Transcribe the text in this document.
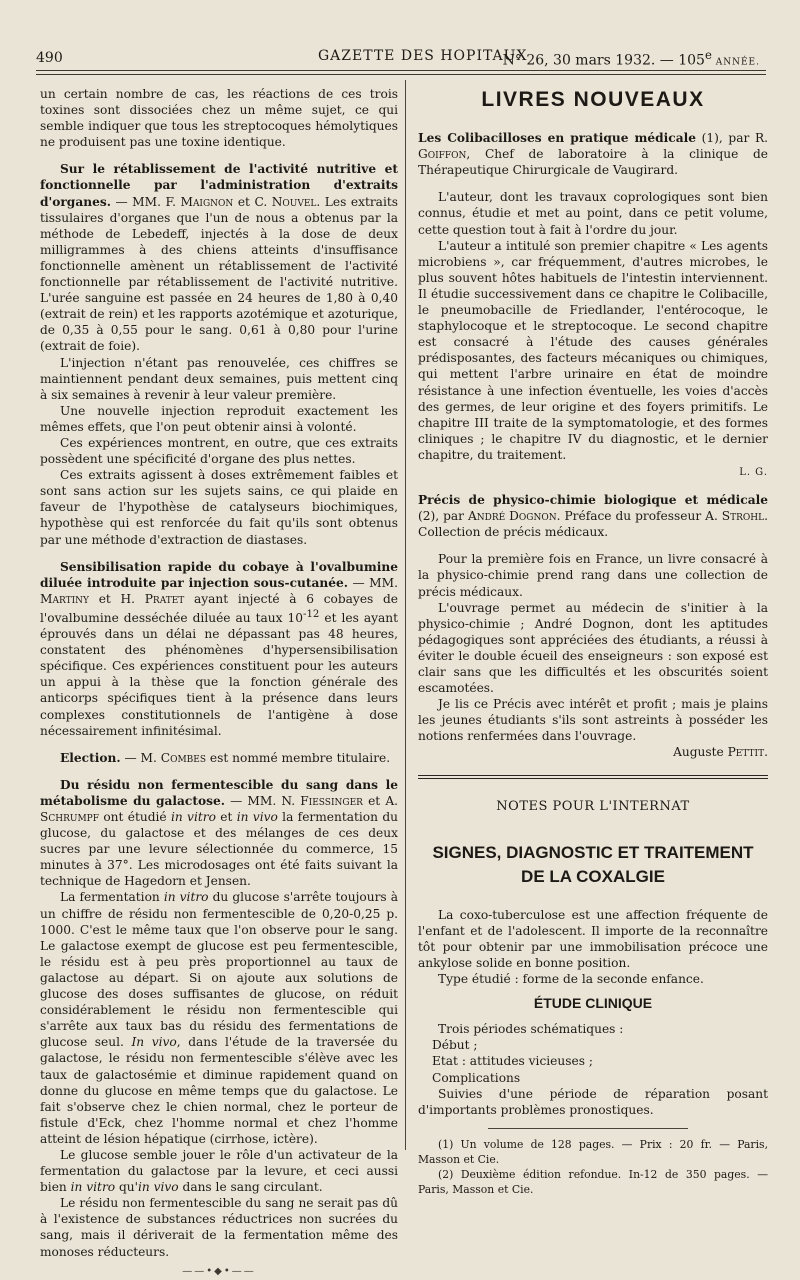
490	GAZETTE DES HOPITAUX
N° 26, 30 mars 1932. — 105e ANNÉE.

un certain nombre de cas, les réactions de ces trois toxines sont dissociées chez un même sujet, ce qui semble indiquer que tous les streptocoques hémolytiques ne produisent pas une toxine identique.

Sur le rétablissement de l'activité nutritive et fonctionnelle par l'administration d'extraits d'organes. — MM. F. Maignon et C. Nouvel. Les extraits tissulaires d'organes que l'un de nous a obtenus par la méthode de Lebedeff, injectés à la dose de deux milligrammes à des chiens atteints d'insuffisance fonctionnelle amènent un rétablissement de l'activité fonctionnelle par rétablissement de l'activité nutritive. L'urée sanguine est passée en 24 heures de 1,80 à 0,40 (extrait de rein) et les rapports azotémique et azoturique, de 0,35 à 0,55 pour le sang. 0,61 à 0,80 pour l'urine (extrait de foie).

L'injection n'étant pas renouvelée, ces chiffres se maintiennent pendant deux semaines, puis mettent cinq à six semaines à revenir à leur valeur première.

Une nouvelle injection reproduit exactement les mêmes effets, que l'on peut obtenir ainsi à volonté.

Ces expériences montrent, en outre, que ces extraits possèdent une spécificité d'organe des plus nettes.

Ces extraits agissent à doses extrêmement faibles et sont sans action sur les sujets sains, ce qui plaide en faveur de l'hypothèse de catalyseurs biochimiques, hypothèse qui est renforcée du fait qu'ils sont obtenus par une méthode d'extraction de diastases.

Sensibilisation rapide du cobaye à l'ovalbumine diluée introduite par injection sous-cutanée. — MM. Martiny et H. Pratet ayant injecté à 6 cobayes de l'ovalbumine desséchée diluée au taux $10^{-12}$ et les ayant éprouvés dans un délai ne dépassant pas 48 heures, constatent des phénomènes d'hypersensibilisation spécifique. Ces expériences constituent pour les auteurs un appui à la thèse que la fonction générale des anticorps spécifiques tient à la présence dans leurs complexes constitutionnels de l'antigène à dose nécessairement infinitésimal.

Election. — M. Combes est nommé membre titulaire.

Du résidu non fermentescible du sang dans le métabolisme du galactose. — MM. N. Fiessinger et A. Schrumpf ont étudié in vitro et in vivo la fermentation du glucose, du galactose et des mélanges de ces deux sucres par une levure sélectionnée du commerce, 15 minutes à 37°. Les microdosages ont été faits suivant la technique de Hagedorn et Jensen.

La fermentation in vitro du glucose s'arrête toujours à un chiffre de résidu non fermentescible de 0,20-0,25 p. 1000. C'est le même taux que l'on observe pour le sang. Le galactose exempt de glucose est peu fermentescible, le résidu est à peu près proportionnel au taux de galactose au départ. Si on ajoute aux solutions de glucose des doses suffisantes de glucose, on réduit considérablement le résidu non fermentescible qui s'arrête aux taux bas du résidu des fermentations de glucose seul. In vivo, dans l'étude de la traversée du galactose, le résidu non fermentescible s'élève avec les taux de galactosémie et diminue rapidement quand on donne du glucose en même temps que du galactose. Le fait s'observe chez le chien normal, chez le porteur de fistule d'Eck, chez l'homme normal et chez l'homme atteint de lésion hépatique (cirrhose, ictère).

Le glucose semble jouer le rôle d'un activateur de la fermentation du galactose par la levure, et ceci aussi bien in vitro qu'in vivo dans le sang circulant.

Le résidu non fermentescible du sang ne serait pas dû à l'existence de substances réductrices non sucrées du sang, mais il dériverait de la fermentation même des monoses réducteurs.

——•◆•——

LIVRES NOUVEAUX

Les Colibacilloses en pratique médicale (1), par R. Goiffon, Chef de laboratoire à la clinique de Thérapeutique Chirurgicale de Vaugirard.

L'auteur, dont les travaux coprologiques sont bien connus, étudie et met au point, dans ce petit volume, cette question tout à fait à l'ordre du jour.

L'auteur a intitulé son premier chapitre « Les agents microbiens », car fréquemment, d'autres microbes, le plus souvent hôtes habituels de l'intestin interviennent. Il étudie successivement dans ce chapitre le Colibacille, le pneumobacille de Friedlander, l'entérocoque, le staphylocoque et le streptocoque. Le second chapitre est consacré à l'étude des causes générales prédisposantes, des facteurs mécaniques ou chimiques, qui mettent l'arbre urinaire en état de moindre résistance à une infection éventuelle, les voies d'accès des germes, de leur origine et des foyers primitifs. Le chapitre III traite de la symptomatologie, et des formes cliniques ; le chapitre IV du diagnostic, et le dernier chapitre, du traitement.

L. G.

Précis de physico-chimie biologique et médicale (2), par André Dognon. Préface du professeur A. Strohl. Collection de précis médicaux.

Pour la première fois en France, un livre consacré à la physico-chimie prend rang dans une collection de précis médicaux.

L'ouvrage permet au médecin de s'initier à la physico-chimie ; André Dognon, dont les aptitudes pédagogiques sont appréciées des étudiants, a réussi à éviter le double écueil des enseigneurs : son exposé est clair sans que les difficultés et les obscurités soient escamotées.

Je lis ce Précis avec intérêt et profit ; mais je plains les jeunes étudiants s'ils sont astreints à posséder les notions renfermées dans l'ouvrage.

Auguste Pettit.

NOTES POUR L'INTERNAT

SIGNES, DIAGNOSTIC ET TRAITEMENT
DE LA COXALGIE

La coxo-tuberculose est une affection fréquente de l'enfant et de l'adolescent. Il importe de la reconnaître tôt pour obtenir par une immobilisation précoce une ankylose solide en bonne position.

Type étudié : forme de la seconde enfance.

ÉTUDE CLINIQUE

Trois périodes schématiques :

Début ;

Etat : attitudes vicieuses ;

Complications

Suivies d'une période de réparation posant d'importants problèmes pronostiques.

(1) Un volume de 128 pages. — Prix : 20 fr. — Paris, Masson et Cie.

(2) Deuxième édition refondue. In-12 de 350 pages. — Paris, Masson et Cie.
